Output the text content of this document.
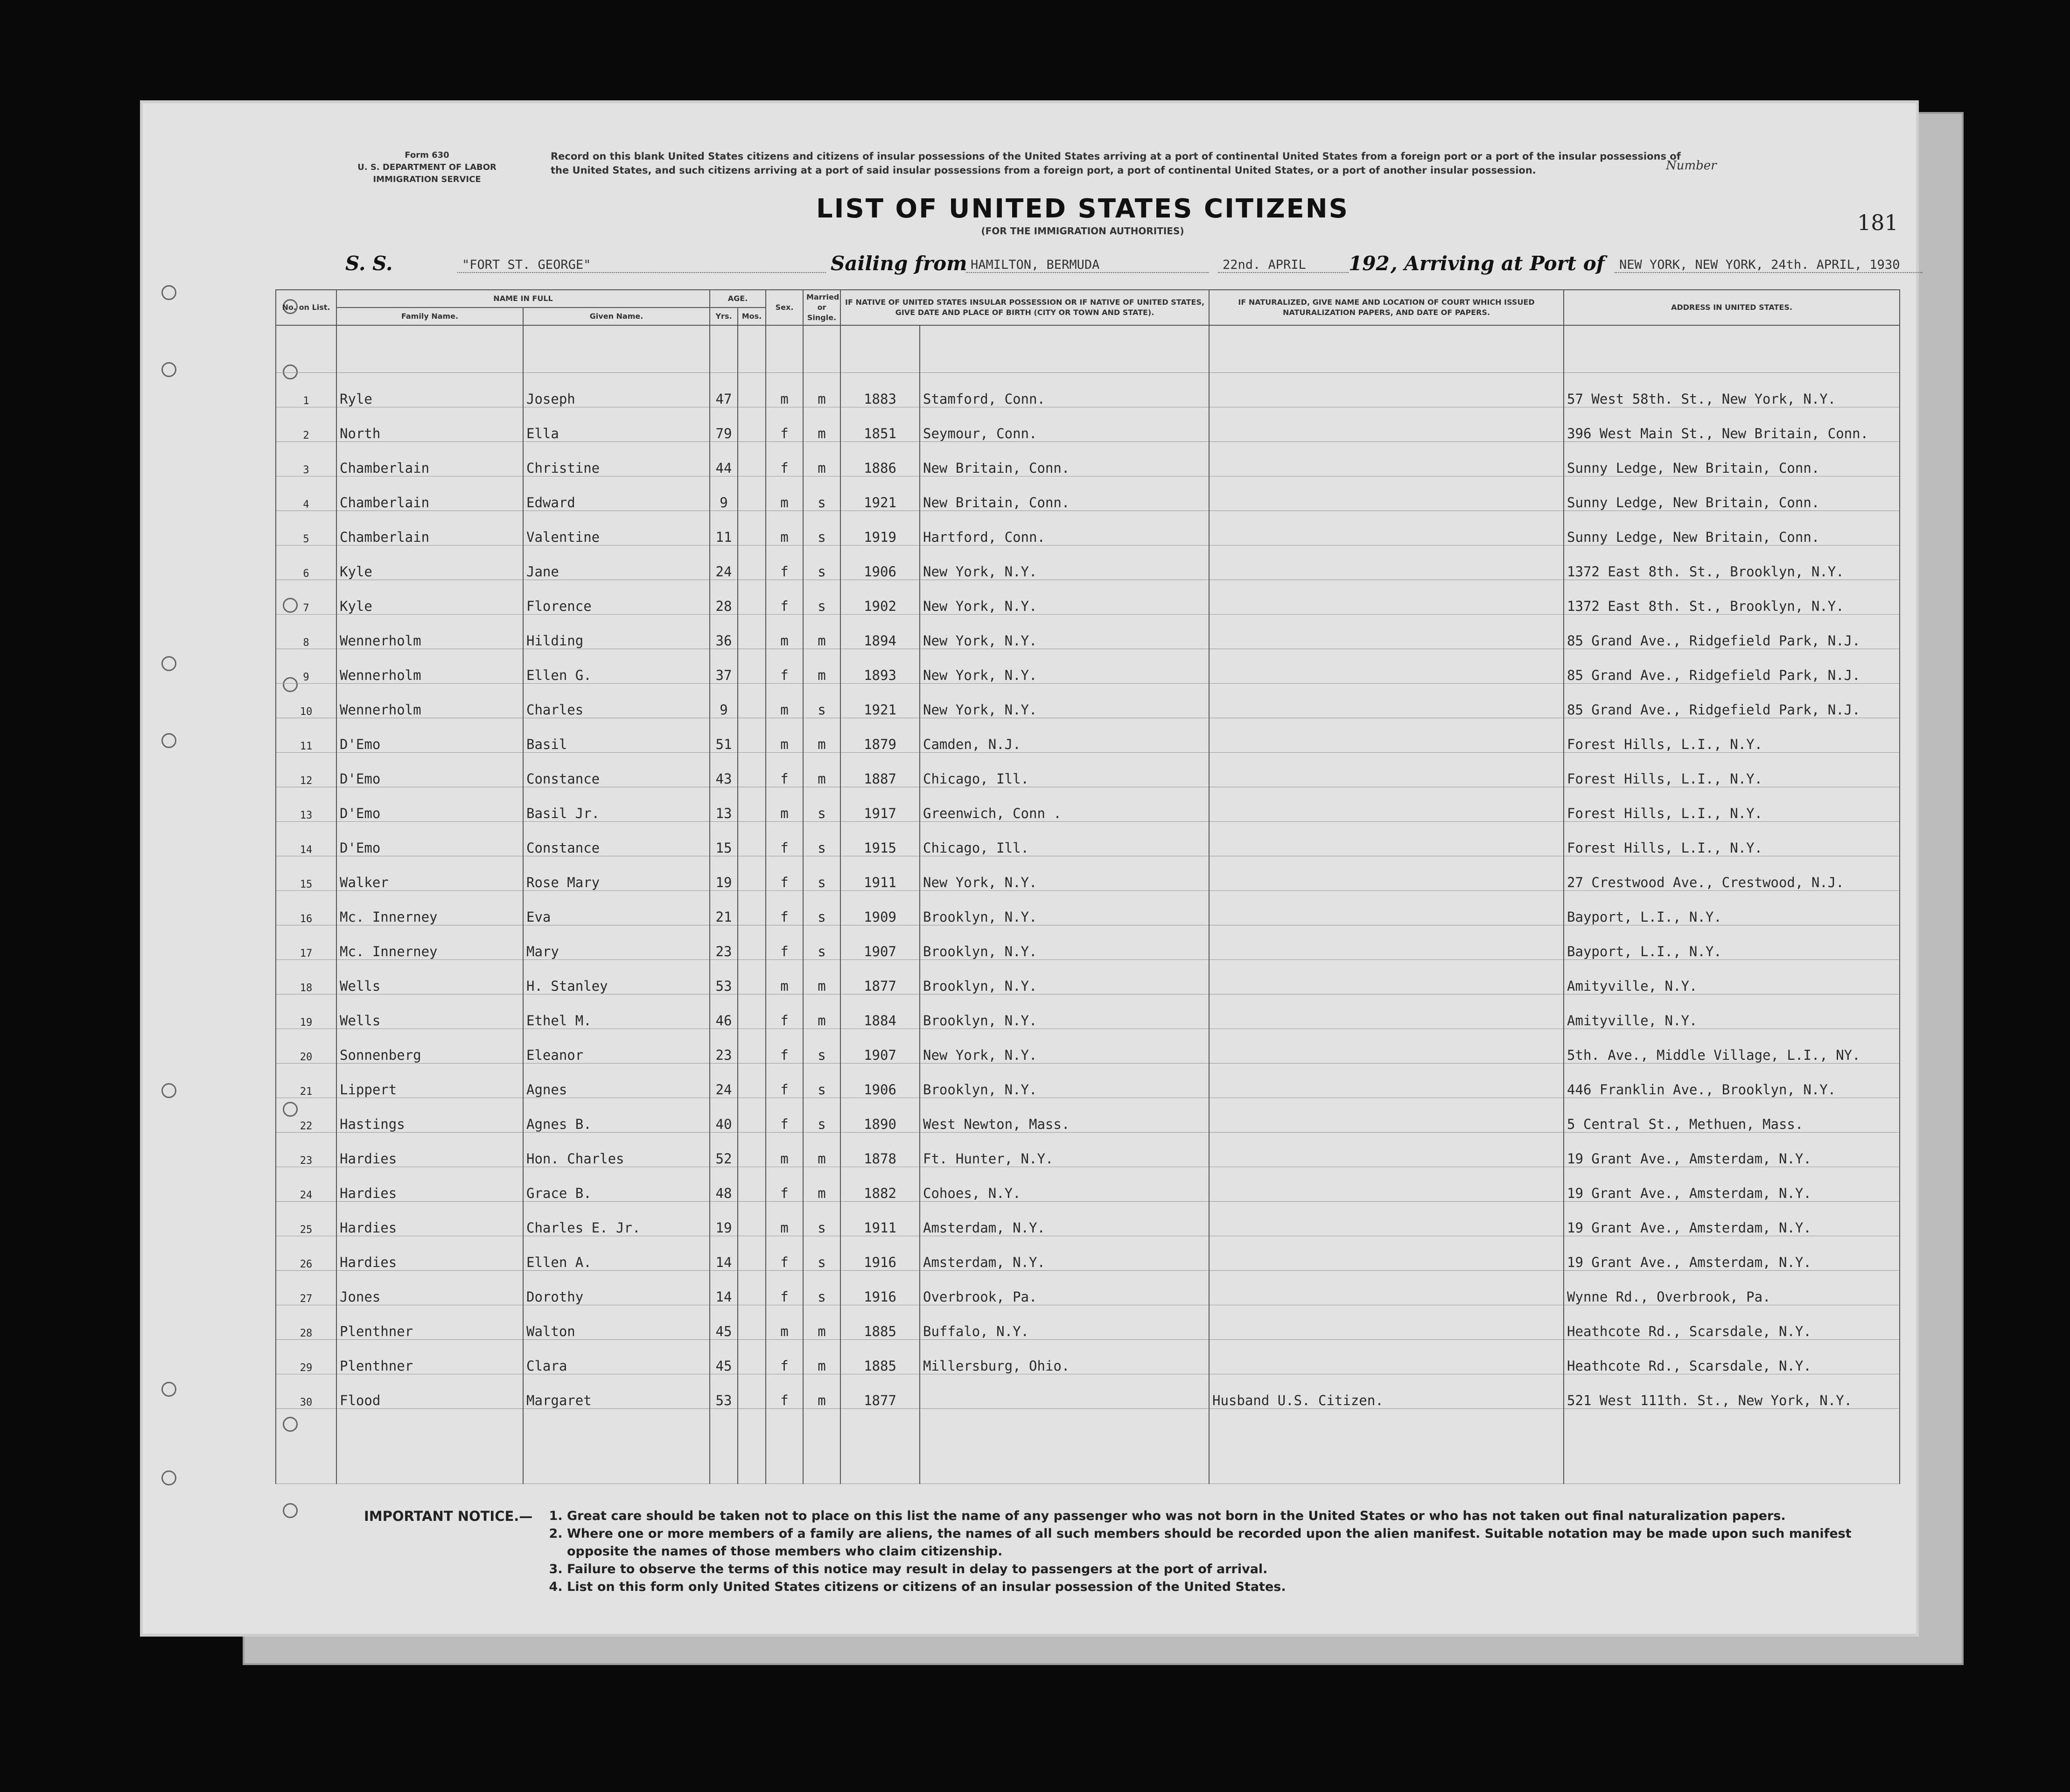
Form 630
U. S. DEPARTMENT OF LABOR
IMMIGRATION SERVICE
Record on this blank United States citizens and citizens of insular possessions of the United States arriving at a port of continental United States from a foreign port or a port of the insular possessions of the United States, and such citizens arriving at a port of said insular possessions from a foreign port, a port of continental United States, or a port of another insular possession.	Number
LIST OF UNITED STATES CITIZENS
(FOR THE IMMIGRATION AUTHORITIES)	181
S. S.	"FORT ST. GEORGE"	Sailing from HAMILTON, BERMUDA	22nd. APRIL	192 , Arriving at Port of	NEW YORK, NEW YORK, 24th. APRIL, 1930
No. on List.	NAME IN FULL		AGE.		Sex.	Married or Single.	IF NATIVE OF UNITED STATES INSULAR POSSESSION OR IF NATIVE OF UNITED STATES, GIVE DATE AND PLACE OF BIRTH (CITY OR TOWN AND STATE).		IF NATURALIZED, GIVE NAME AND LOCATION OF COURT WHICH ISSUED NATURALIZATION PAPERS, AND DATE OF PAPERS.	ADDRESS IN UNITED STATES.
	Family Name.	Given Name.	Yrs.	Mos.						

1	Ryle	Joseph	47		m	m	1883	Stamford, Conn.		57 West 58th. St., New York, N.Y.
2	North	Ella	79		f	m	1851	Seymour, Conn.		396 West Main St., New Britain, Conn.
3	Chamberlain	Christine	44		f	m	1886	New Britain, Conn.		Sunny Ledge, New Britain, Conn.
4	Chamberlain	Edward	9		m	s	1921	New Britain, Conn.		Sunny Ledge, New Britain, Conn.
5	Chamberlain	Valentine	11		m	s	1919	Hartford, Conn.		Sunny Ledge, New Britain, Conn.
6	Kyle	Jane	24		f	s	1906	New York, N.Y.		1372 East 8th. St., Brooklyn, N.Y.
7	Kyle	Florence	28		f	s	1902	New York, N.Y.		1372 East 8th. St., Brooklyn, N.Y.
8	Wennerholm	Hilding	36		m	m	1894	New York, N.Y.		85 Grand Ave., Ridgefield Park, N.J.
9	Wennerholm	Ellen G.	37		f	m	1893	New York, N.Y.		85 Grand Ave., Ridgefield Park, N.J.
10	Wennerholm	Charles	9		m	s	1921	New York, N.Y.		85 Grand Ave., Ridgefield Park, N.J.
11	D'Emo	Basil	51		m	m	1879	Camden, N.J.		Forest Hills, L.I., N.Y.
12	D'Emo	Constance	43		f	m	1887	Chicago, Ill.		Forest Hills, L.I., N.Y.
13	D'Emo	Basil Jr.	13		m	s	1917	Greenwich, Conn .		Forest Hills, L.I., N.Y.
14	D'Emo	Constance	15		f	s	1915	Chicago, Ill.		Forest Hills, L.I., N.Y.
15	Walker	Rose Mary	19		f	s	1911	New York, N.Y.		27 Crestwood Ave., Crestwood, N.J.
16	Mc. Innerney	Eva	21		f	s	1909	Brooklyn, N.Y.		Bayport, L.I., N.Y.
17	Mc. Innerney	Mary	23		f	s	1907	Brooklyn, N.Y.		Bayport, L.I., N.Y.
18	Wells	H. Stanley	53		m	m	1877	Brooklyn, N.Y.		Amityville, N.Y.
19	Wells	Ethel M.	46		f	m	1884	Brooklyn, N.Y.		Amityville, N.Y.
20	Sonnenberg	Eleanor	23		f	s	1907	New York, N.Y.		5th. Ave., Middle Village, L.I., NY.
21	Lippert	Agnes	24		f	s	1906	Brooklyn, N.Y.		446 Franklin Ave., Brooklyn, N.Y.
22	Hastings	Agnes B.	40		f	s	1890	West Newton, Mass.		5 Central St., Methuen, Mass.
23	Hardies	Hon. Charles	52		m	m	1878	Ft. Hunter, N.Y.		19 Grant Ave., Amsterdam, N.Y.
24	Hardies	Grace B.	48		f	m	1882	Cohoes, N.Y.		19 Grant Ave., Amsterdam, N.Y.
25	Hardies	Charles E. Jr.	19		m	s	1911	Amsterdam, N.Y.		19 Grant Ave., Amsterdam, N.Y.
26	Hardies	Ellen A.	14		f	s	1916	Amsterdam, N.Y.		19 Grant Ave., Amsterdam, N.Y.
27	Jones	Dorothy	14		f	s	1916	Overbrook, Pa.		Wynne Rd., Overbrook, Pa.
28	Plenthner	Walton	45		m	m	1885	Buffalo, N.Y.		Heathcote Rd., Scarsdale, N.Y.
29	Plenthner	Clara	45		f	m	1885	Millersburg, Ohio.		Heathcote Rd., Scarsdale, N.Y.
30	Flood	Margaret	53		f	m	1877		Husband U.S. Citizen.	521 West 111th. St., New York, N.Y.

IMPORTANT NOTICE.—	1. Great care should be taken not to place on this list the name of any passenger who was not born in the United States or who has not taken out final naturalization papers.
2. Where one or more members of a family are aliens, the names of all such members should be recorded upon the alien manifest. Suitable notation may be made upon such manifest opposite the names of those members who claim citizenship.
3. Failure to observe the terms of this notice may result in delay to passengers at the port of arrival.
4. List on this form only United States citizens or citizens of an insular possession of the United States.
